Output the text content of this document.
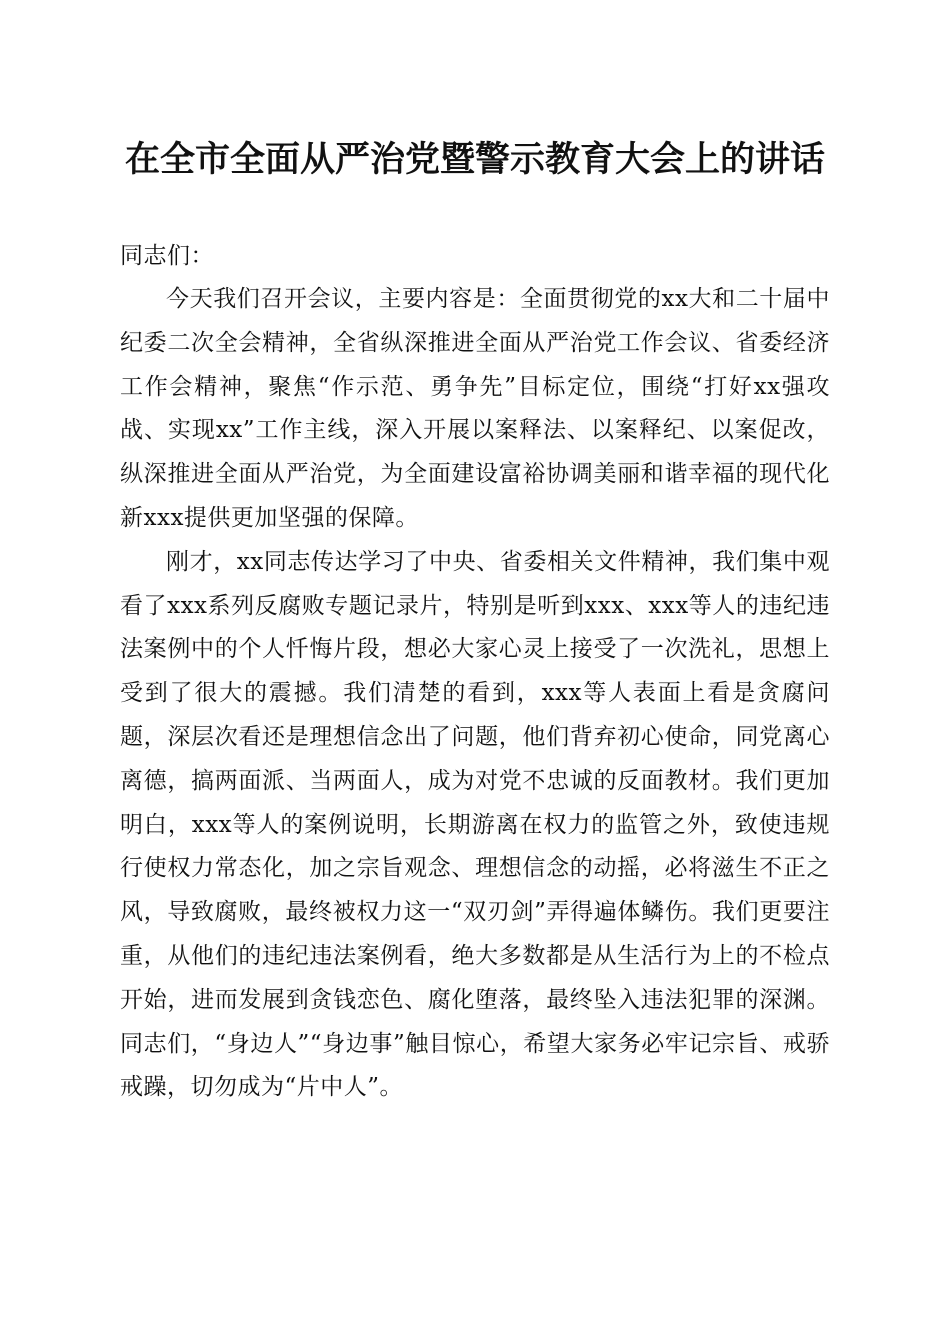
在全市全面从严治党暨警示教育大会上的讲话

同志们：

今天我们召开会议，主要内容是：全面贯彻党的xx大和二十届中纪委二次全会精神，全省纵深推进全面从严治党工作会议、省委经济工作会精神，聚焦“作示范、勇争先”目标定位，围绕“打好xx强攻战、实现xx”工作主线，深入开展以案释法、以案释纪、以案促改，纵深推进全面从严治党，为全面建设富裕协调美丽和谐幸福的现代化新xxx提供更加坚强的保障。

刚才，xx同志传达学习了中央、省委相关文件精神，我们集中观看了xxx系列反腐败专题记录片，特别是听到xxx、xxx等人的违纪违法案例中的个人忏悔片段，想必大家心灵上接受了一次洗礼，思想上受到了很大的震撼。我们清楚的看到，xxx等人表面上看是贪腐问题，深层次看还是理想信念出了问题，他们背弃初心使命，同党离心离德，搞两面派、当两面人，成为对党不忠诚的反面教材。我们更加明白，xxx等人的案例说明，长期游离在权力的监管之外，致使违规行使权力常态化，加之宗旨观念、理想信念的动摇，必将滋生不正之风，导致腐败，最终被权力这一“双刃剑”弄得遍体鳞伤。我们更要注重，从他们的违纪违法案例看，绝大多数都是从生活行为上的不检点开始，进而发展到贪钱恋色、腐化堕落，最终坠入违法犯罪的深渊。同志们，“身边人”“身边事”触目惊心，希望大家务必牢记宗旨、戒骄戒躁，切勿成为“片中人”。
